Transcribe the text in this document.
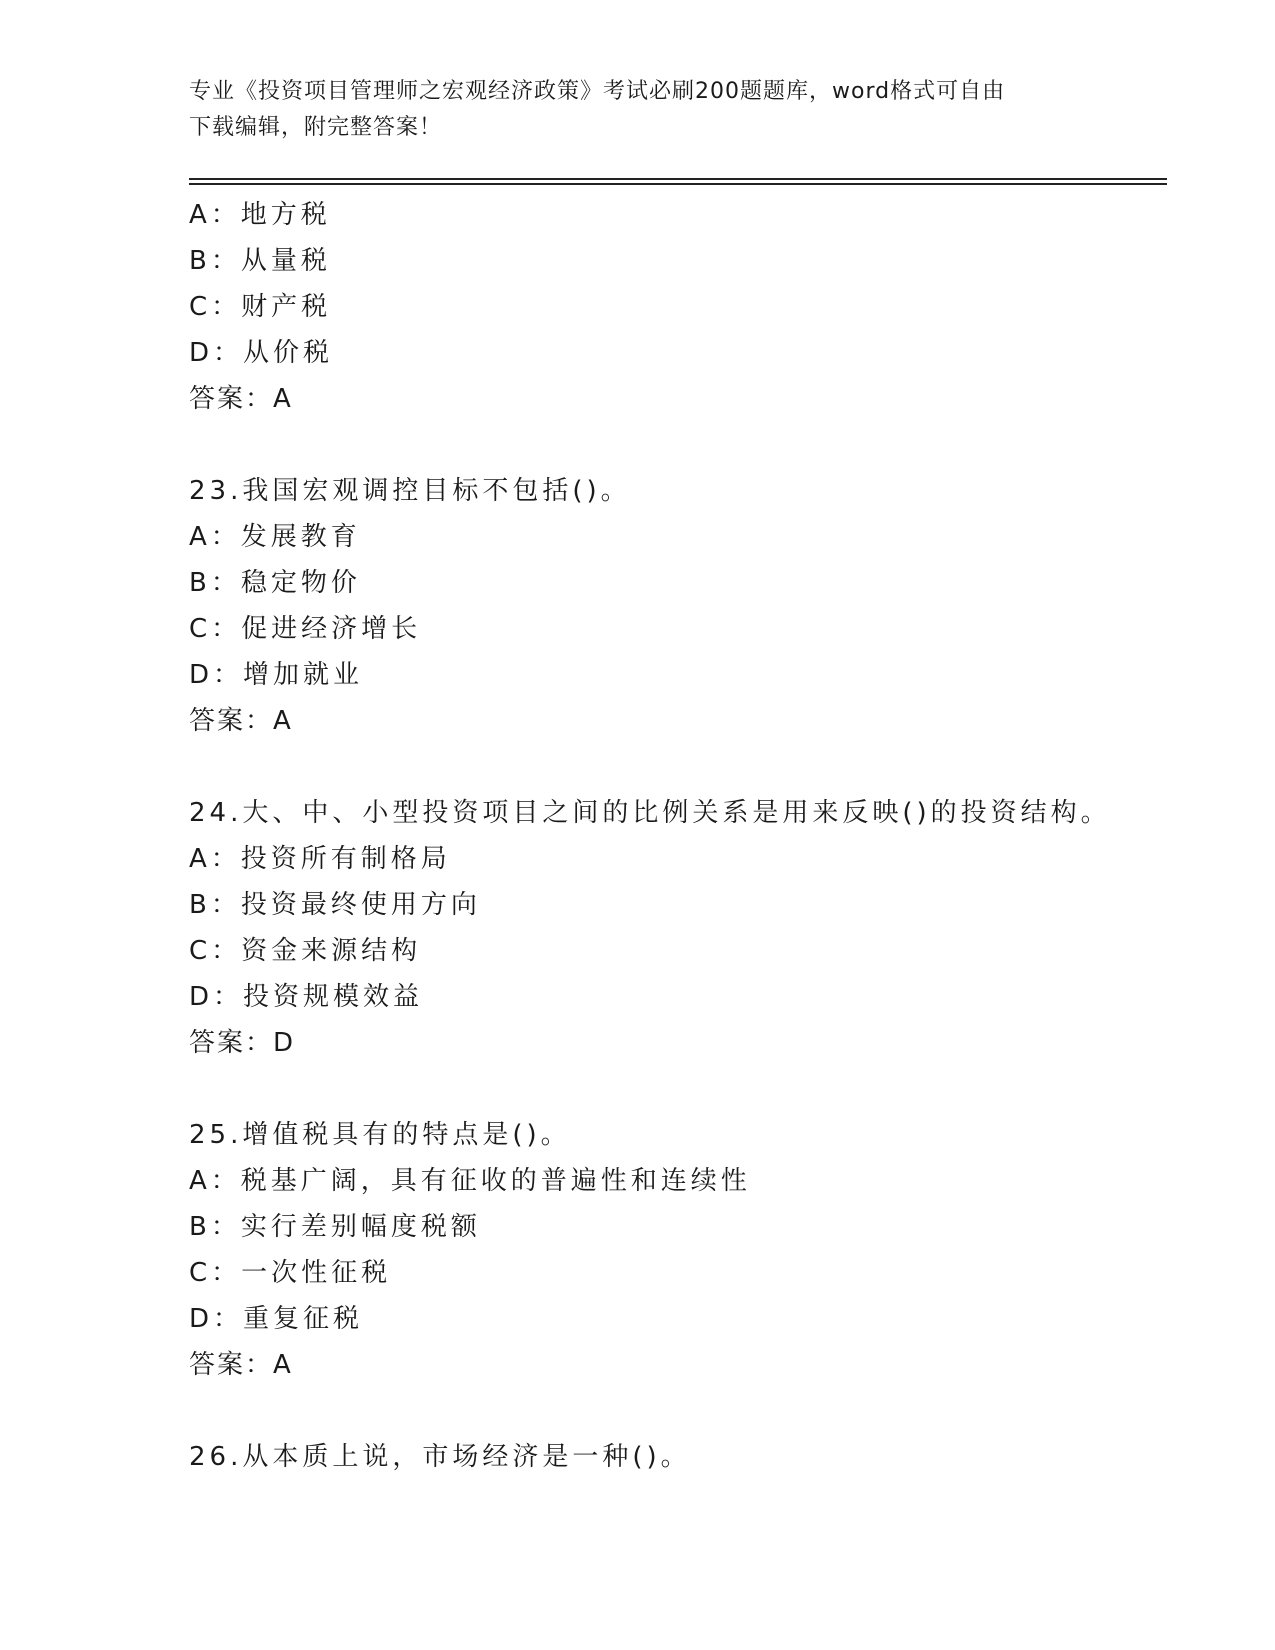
专业《投资项目管理师之宏观经济政策》考试必刷200题题库，word格式可自由
下载编辑，附完整答案！
A：地方税
B：从量税
C：财产税
D：从价税
答案：A
23.我国宏观调控目标不包括()。
A：发展教育
B：稳定物价
C：促进经济增长
D：增加就业
答案：A
24.大、中、小型投资项目之间的比例关系是用来反映()的投资结构。
A：投资所有制格局
B：投资最终使用方向
C：资金来源结构
D：投资规模效益
答案：D
25.增值税具有的特点是()。
A：税基广阔，具有征收的普遍性和连续性
B：实行差别幅度税额
C：一次性征税
D：重复征税
答案：A
26.从本质上说，市场经济是一种()。
